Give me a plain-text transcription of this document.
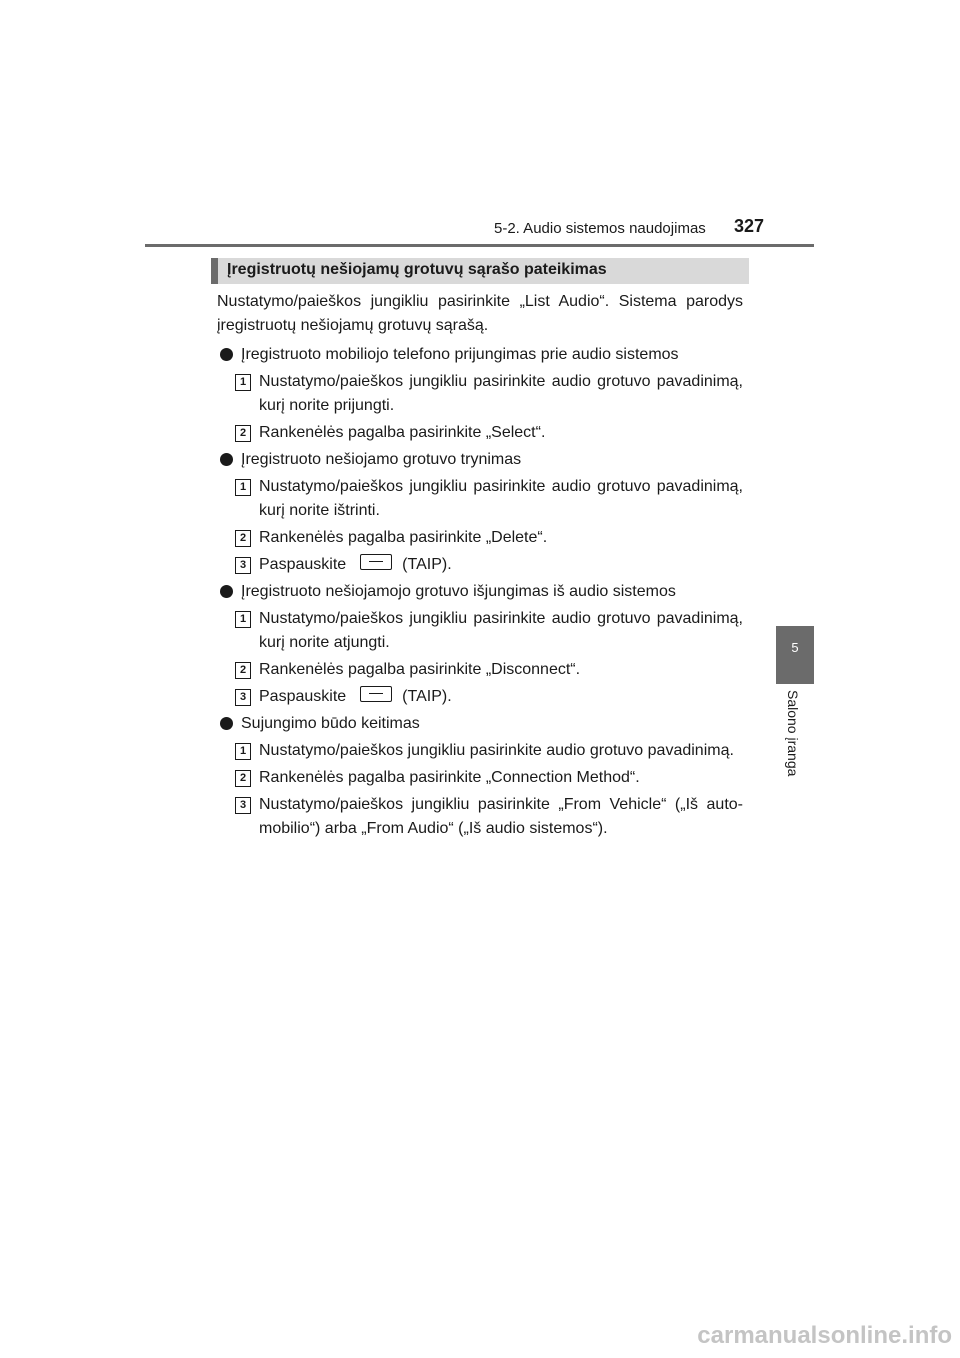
5-2. Audio sistemos naudojimas 327
5
Salono įranga
Įregistruotų nešiojamų grotuvų sąrašo pateikimas

Nustatymo/paieškos jungikliu pasirinkite „List Audio“. Sistema parodys įregistruotų nešiojamų grotuvų sąrašą.

Įregistruoto mobiliojo telefono prijungimas prie audio sistemos
1 Nustatymo/paieškos jungikliu pasirinkite audio grotuvo pavadinimą, kurį norite prijungti.
2 Rankenėlės pagalba pasirinkite „Select“.
Įregistruoto nešiojamo grotuvo trynimas
1 Nustatymo/paieškos jungikliu pasirinkite audio grotuvo pavadinimą, kurį norite ištrinti.
2 Rankenėlės pagalba pasirinkite „Delete“.
3 Paspauskite	(TAIP).
Įregistruoto nešiojamojo grotuvo išjungimas iš audio sistemos
1 Nustatymo/paieškos jungikliu pasirinkite audio grotuvo pavadinimą, kurį norite atjungti.
2 Rankenėlės pagalba pasirinkite „Disconnect“.
3 Paspauskite	(TAIP).
Sujungimo būdo keitimas
1 Nustatymo/paieškos jungikliu pasirinkite audio grotuvo pavadinimą.
2 Rankenėlės pagalba pasirinkite „Connection Method“.
3 Nustatymo/paieškos jungikliu pasirinkite „From Vehicle“ („Iš automobilio“) arba „From Audio“ („Iš audio sistemos“).
carmanualsonline.info
